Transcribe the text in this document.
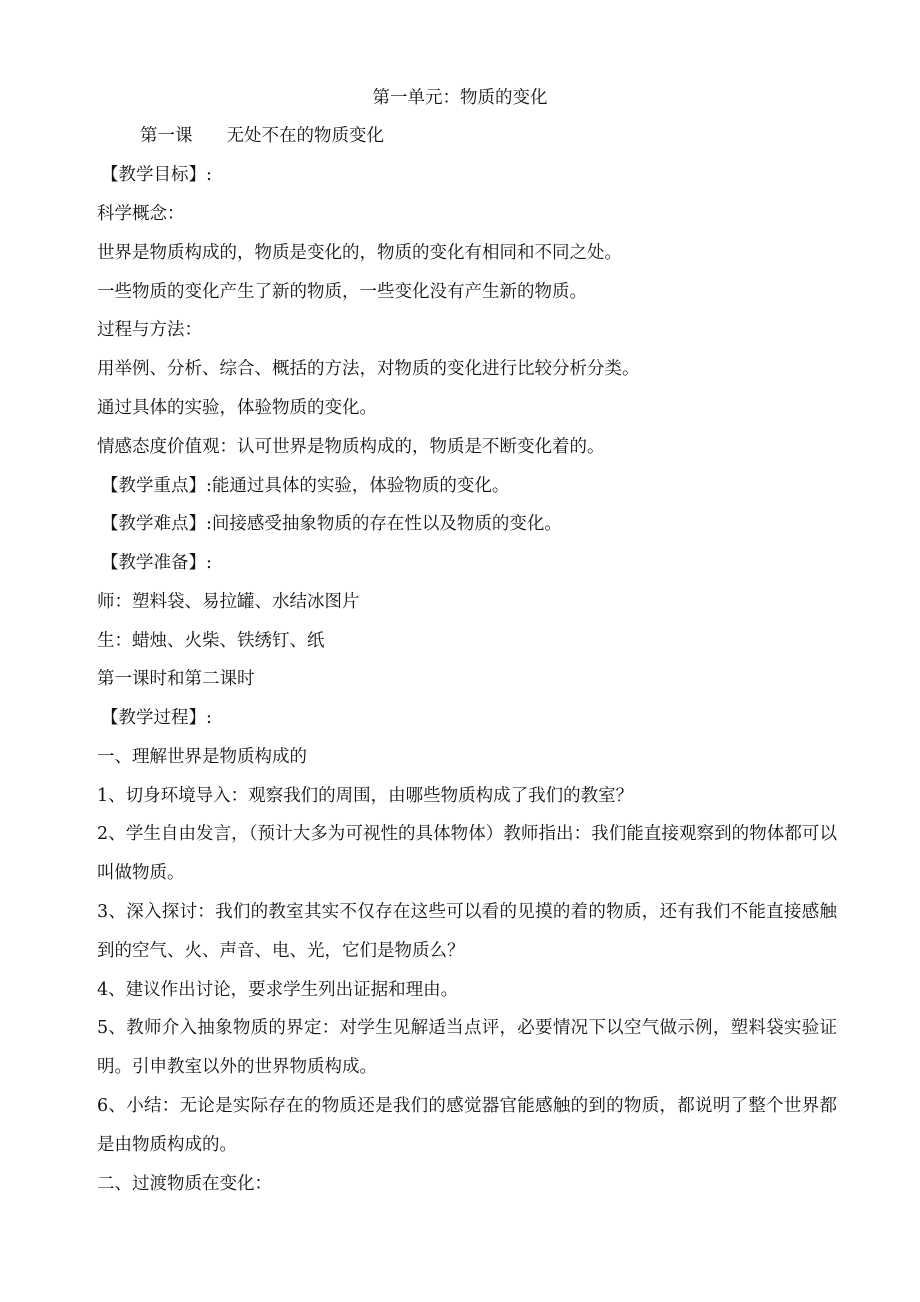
第一单元：物质的变化

第一课 无处不在的物质变化

【教学目标】:

科学概念：

世界是物质构成的，物质是变化的，物质的变化有相同和不同之处。

一些物质的变化产生了新的物质，一些变化没有产生新的物质。

过程与方法：

用举例、分析、综合、概括的方法，对物质的变化进行比较分析分类。

通过具体的实验，体验物质的变化。

情感态度价值观：认可世界是物质构成的，物质是不断变化着的。

【教学重点】:能通过具体的实验，体验物质的变化。

【教学难点】:间接感受抽象物质的存在性以及物质的变化。

【教学准备】:

师：塑料袋、易拉罐、水结冰图片

生：蜡烛、火柴、铁绣钉、纸

第一课时和第二课时

【教学过程】:

一、理解世界是物质构成的

1、切身环境导入：观察我们的周围，由哪些物质构成了我们的教室？

2、学生自由发言，（预计大多为可视性的具体物体）教师指出：我们能直接观察到的物体都可以叫做物质。

3、深入探讨：我们的教室其实不仅存在这些可以看的见摸的着的物质，还有我们不能直接感触到的空气、火、声音、电、光，它们是物质么？

4、建议作出讨论，要求学生列出证据和理由。

5、教师介入抽象物质的界定：对学生见解适当点评，必要情况下以空气做示例，塑料袋实验证明。引申教室以外的世界物质构成。

6、小结：无论是实际存在的物质还是我们的感觉器官能感触的到的物质，都说明了整个世界都是由物质构成的。

二、过渡物质在变化：
